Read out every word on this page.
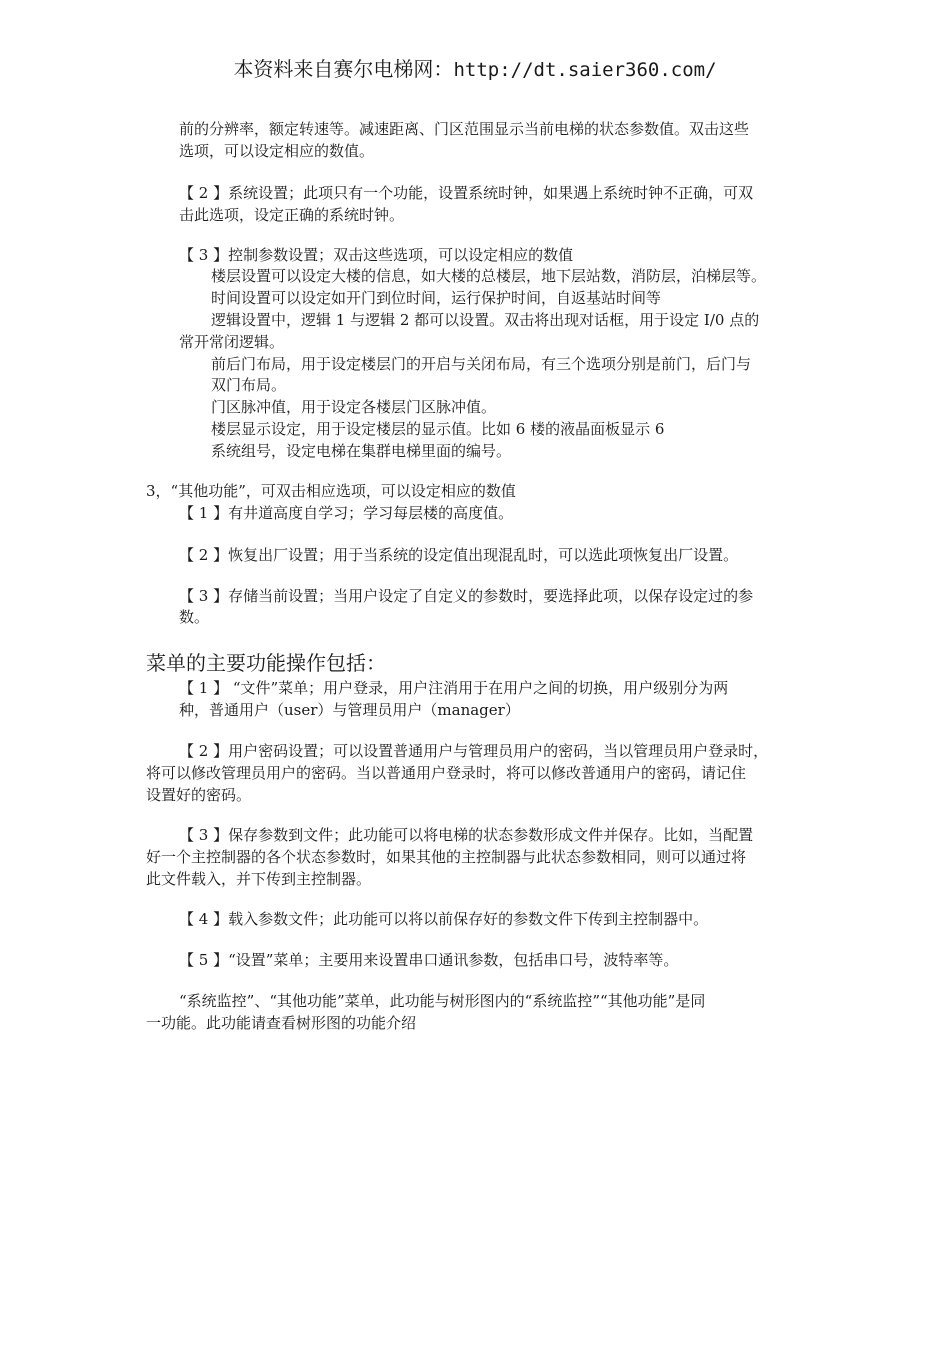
本资料来自赛尔电梯网：http://dt.saier360.com/
前的分辨率，额定转速等。减速距离、门区范围显示当前电梯的状态参数值。双击这些
选项，可以设定相应的数值。
【 2 】系统设置；此项只有一个功能，设置系统时钟，如果遇上系统时钟不正确，可双
击此选项，设定正确的系统时钟。
【 3 】控制参数设置；双击这些选项，可以设定相应的数值
楼层设置可以设定大楼的信息，如大楼的总楼层，地下层站数，消防层，泊梯层等。
时间设置可以设定如开门到位时间，运行保护时间，自返基站时间等
逻辑设置中，逻辑 1 与逻辑 2 都可以设置。双击将出现对话框，用于设定 I/0 点的
常开常闭逻辑。
前后门布局，用于设定楼层门的开启与关闭布局，有三个选项分别是前门，后门与
双门布局。
门区脉冲值，用于设定各楼层门区脉冲值。
楼层显示设定，用于设定楼层的显示值。比如 6 楼的液晶面板显示 6
系统组号，设定电梯在集群电梯里面的编号。
3，“其他功能”，可双击相应选项，可以设定相应的数值
【 1 】有井道高度自学习；学习每层楼的高度值。
【 2 】恢复出厂设置；用于当系统的设定值出现混乱时，可以选此项恢复出厂设置。
【 3 】存储当前设置；当用户设定了自定义的参数时，要选择此项，以保存设定过的参
数。
菜单的主要功能操作包括：
【 1 】 “文件”菜单；用户登录，用户注消用于在用户之间的切换，用户级别分为两
种，普通用户（user）与管理员用户（manager）
【 2 】用户密码设置；可以设置普通用户与管理员用户的密码，当以管理员用户登录时，
将可以修改管理员用户的密码。当以普通用户登录时，将可以修改普通用户的密码，请记住
设置好的密码。
【 3 】保存参数到文件；此功能可以将电梯的状态参数形成文件并保存。比如，当配置
好一个主控制器的各个状态参数时，如果其他的主控制器与此状态参数相同，则可以通过将
此文件载入，并下传到主控制器。
【 4 】载入参数文件；此功能可以将以前保存好的参数文件下传到主控制器中。
【 5 】“设置”菜单；主要用来设置串口通讯参数，包括串口号，波特率等。
“系统监控”、“其他功能”菜单，此功能与树形图内的“系统监控”“其他功能”是同
一功能。此功能请查看树形图的功能介绍
